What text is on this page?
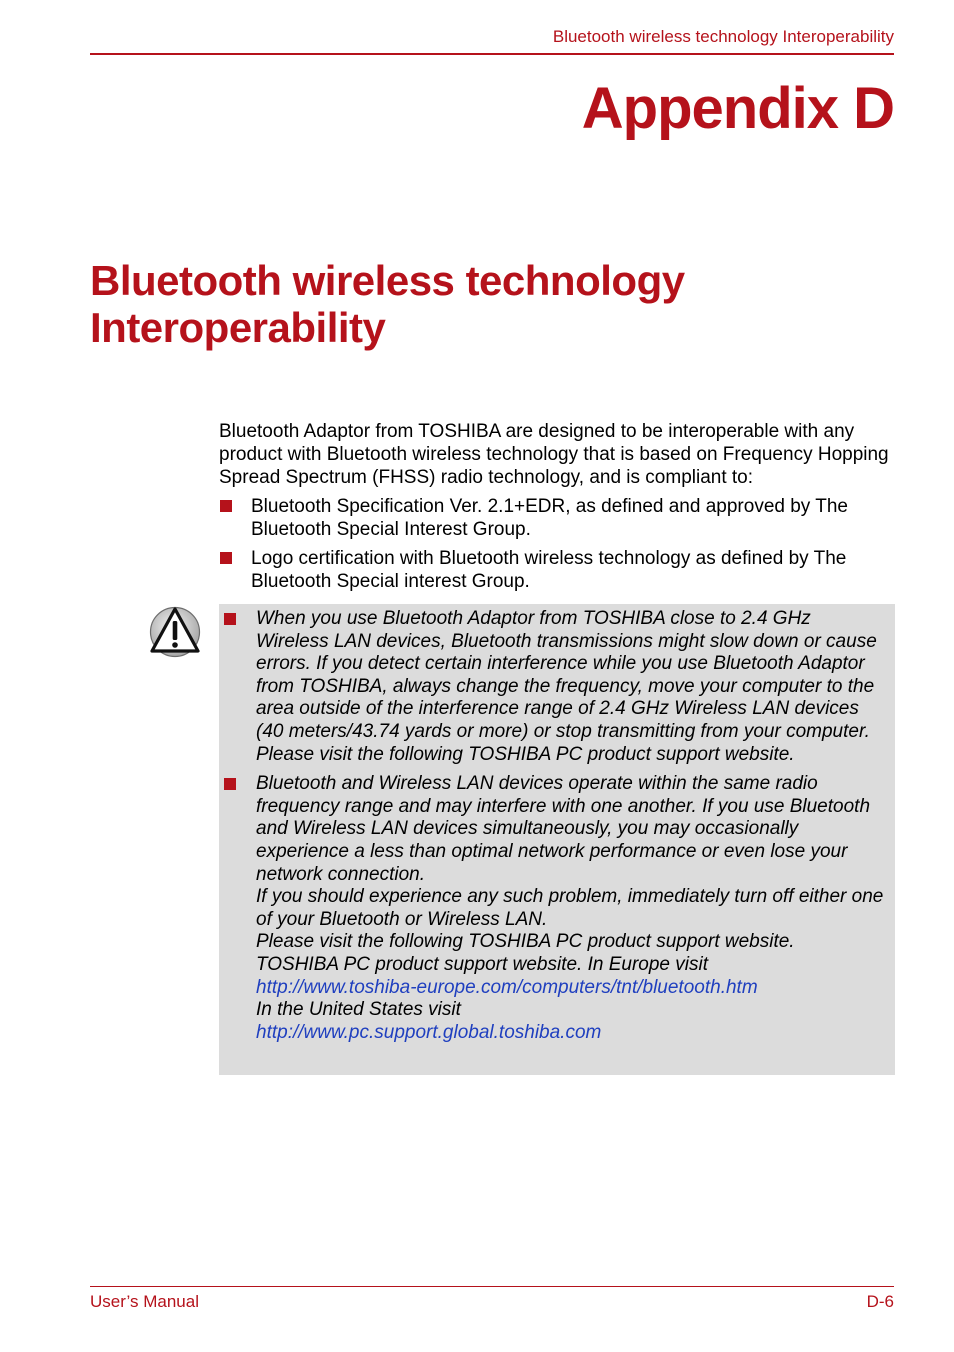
Bluetooth wireless technology Interoperability
Appendix D
Bluetooth wireless technology Interoperability

Bluetooth Adaptor from TOSHIBA are designed to be interoperable with any product with Bluetooth wireless technology that is based on Frequency Hopping Spread Spectrum (FHSS) radio technology, and is compliant to:

Bluetooth Specification Ver. 2.1+EDR, as defined and approved by The Bluetooth Special Interest Group.
Logo certification with Bluetooth wireless technology as defined by The Bluetooth Special interest Group.
When you use Bluetooth Adaptor from TOSHIBA close to 2.4 GHz Wireless LAN devices, Bluetooth transmissions might slow down or cause errors. If you detect certain interference while you use Bluetooth Adaptor from TOSHIBA, always change the frequency, move your computer to the area outside of the interference range of 2.4 GHz Wireless LAN devices (40 meters/43.74 yards or more) or stop transmitting from your computer. Please visit the following TOSHIBA PC product support website.
Bluetooth and Wireless LAN devices operate within the same radio frequency range and may interfere with one another. If you use Bluetooth and Wireless LAN devices simultaneously, you may occasionally experience a less than optimal network performance or even lose your network connection.
If you should experience any such problem, immediately turn off either one of your Bluetooth or Wireless LAN.
Please visit the following TOSHIBA PC product support website.
TOSHIBA PC product support website. In Europe visit
http://www.toshiba-europe.com/computers/tnt/bluetooth.htm
In the United States visit
http://www.pc.support.global.toshiba.com
User’s Manual	D-6
